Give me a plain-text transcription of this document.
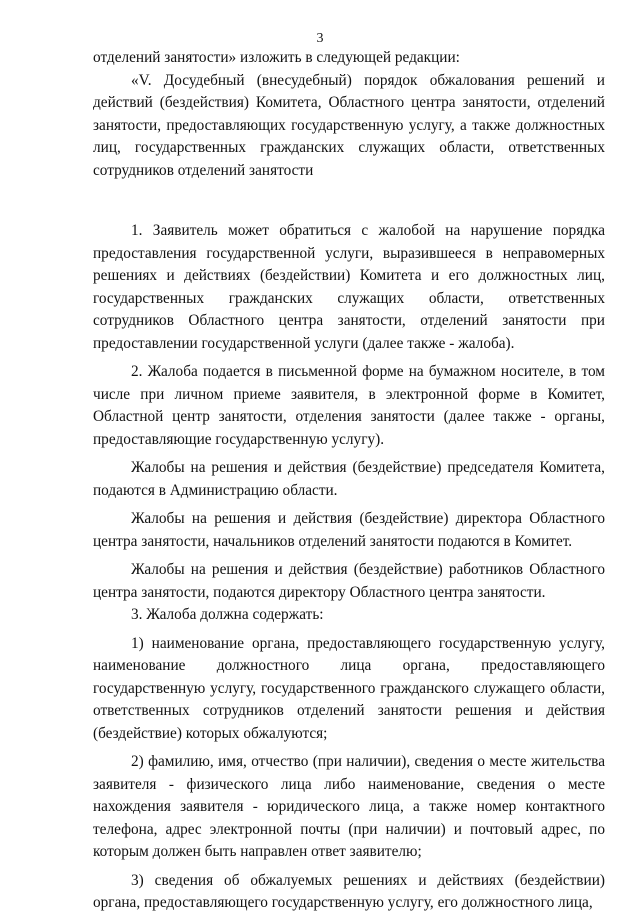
3

отделений занятости» изложить в следующей редакции:

«V. Досудебный (внесудебный) порядок обжалования решений и действий (бездействия) Комитета, Областного центра занятости, отделений занятости, предоставляющих государственную услугу, а также должностных лиц, государственных гражданских служащих области, ответственных сотрудников отделений занятости

1. Заявитель может обратиться с жалобой на нарушение порядка предоставления государственной услуги, выразившееся в неправомерных решениях и действиях (бездействии) Комитета и его должностных лиц, государственных гражданских служащих области, ответственных сотрудников Областного центра занятости, отделений занятости при предоставлении государственной услуги (далее также - жалоба).

2. Жалоба подается в письменной форме на бумажном носителе, в том числе при личном приеме заявителя, в электронной форме в Комитет, Областной центр занятости, отделения занятости (далее также - органы, предоставляющие государственную услугу).

Жалобы на решения и действия (бездействие) председателя Комитета, подаются в Администрацию области.

Жалобы на решения и действия (бездействие) директора Областного центра занятости, начальников отделений занятости подаются в Комитет.

Жалобы на решения и действия (бездействие) работников Областного центра занятости, подаются директору Областного центра занятости.

3. Жалоба должна содержать:

1) наименование органа, предоставляющего государственную услугу, наименование должностного лица органа, предоставляющего государственную услугу, государственного гражданского служащего области, ответственных сотрудников отделений занятости решения и действия (бездействие) которых обжалуются;

2) фамилию, имя, отчество (при наличии), сведения о месте жительства заявителя - физического лица либо наименование, сведения о месте нахождения заявителя - юридического лица, а также номер контактного телефона, адрес электронной почты (при наличии) и почтовый адрес, по которым должен быть направлен ответ заявителю;

3) сведения об обжалуемых решениях и действиях (бездействии) органа, предоставляющего государственную услугу, его должностного лица,
